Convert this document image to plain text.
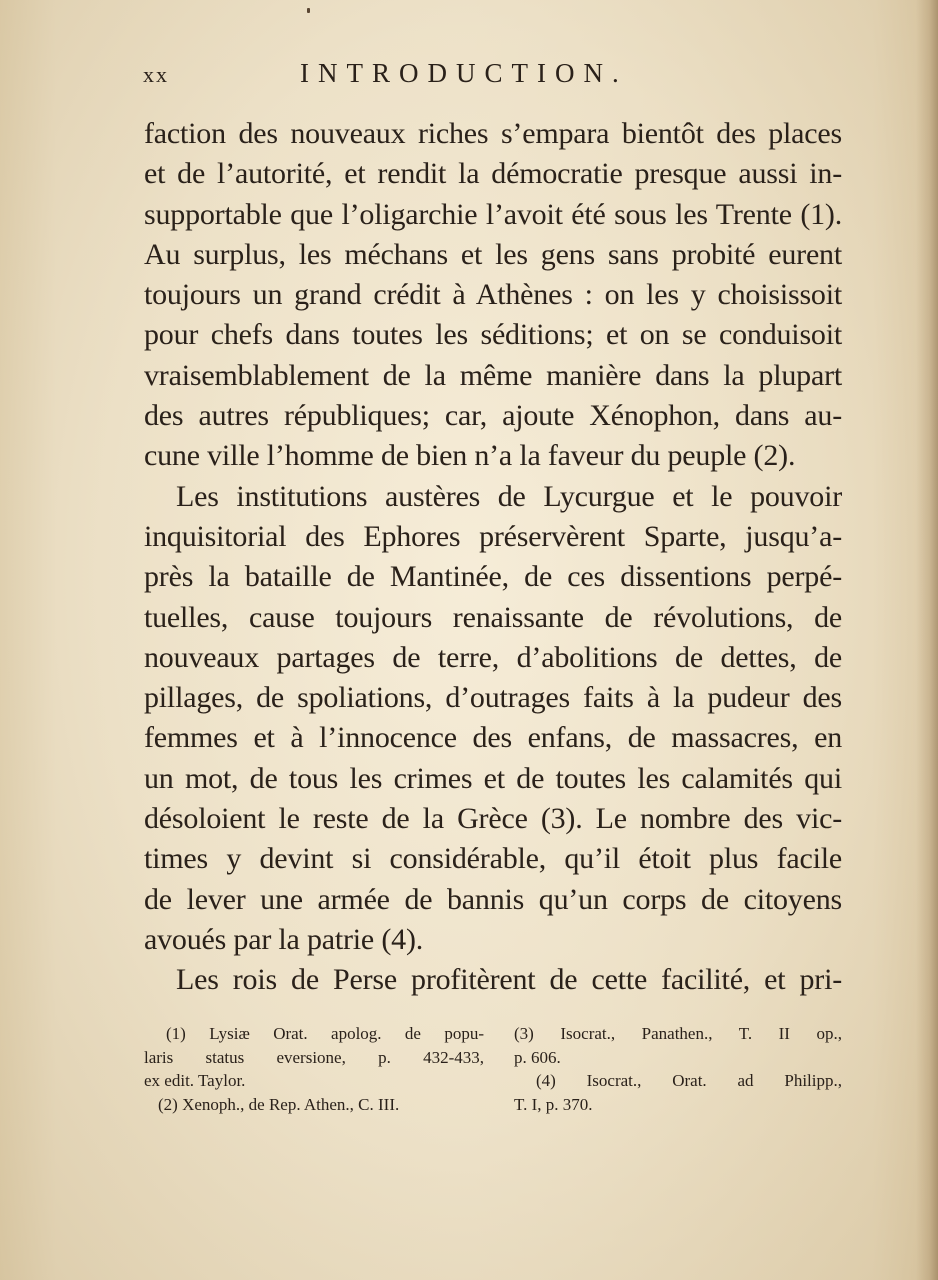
xx	INTRODUCTION.
faction des nouveaux riches s’empara bientôt des places
et de l’autorité, et rendit la démocratie presque aussi in-
supportable que l’oligarchie l’avoit été sous les Trente (1).
Au surplus, les méchans et les gens sans probité eurent
toujours un grand crédit à Athènes : on les y choisissoit
pour chefs dans toutes les séditions; et on se conduisoit
vraisemblablement de la même manière dans la plupart
des autres républiques; car, ajoute Xénophon, dans au-
cune ville l’homme de bien n’a la faveur du peuple (2).
Les institutions austères de Lycurgue et le pouvoir
inquisitorial des Ephores préservèrent Sparte, jusqu’a-
près la bataille de Mantinée, de ces dissentions perpé-
tuelles, cause toujours renaissante de révolutions, de
nouveaux partages de terre, d’abolitions de dettes, de
pillages, de spoliations, d’outrages faits à la pudeur des
femmes et à l’innocence des enfans, de massacres, en
un mot, de tous les crimes et de toutes les calamités qui
désoloient le reste de la Grèce (3). Le nombre des vic-
times y devint si considérable, qu’il étoit plus facile
de lever une armée de bannis qu’un corps de citoyens
avoués par la patrie (4).
Les rois de Perse profitèrent de cette facilité, et pri-
(1) Lysiæ Orat. apolog. de popu-
laris status eversione, p. 432-433,
ex edit. Taylor.
(2) Xenoph., de Rep. Athen., C. III.
(3) Isocrat., Panathen., T. II op.,
p. 606.
(4) Isocrat., Orat. ad Philipp.,
T. I, p. 370.
